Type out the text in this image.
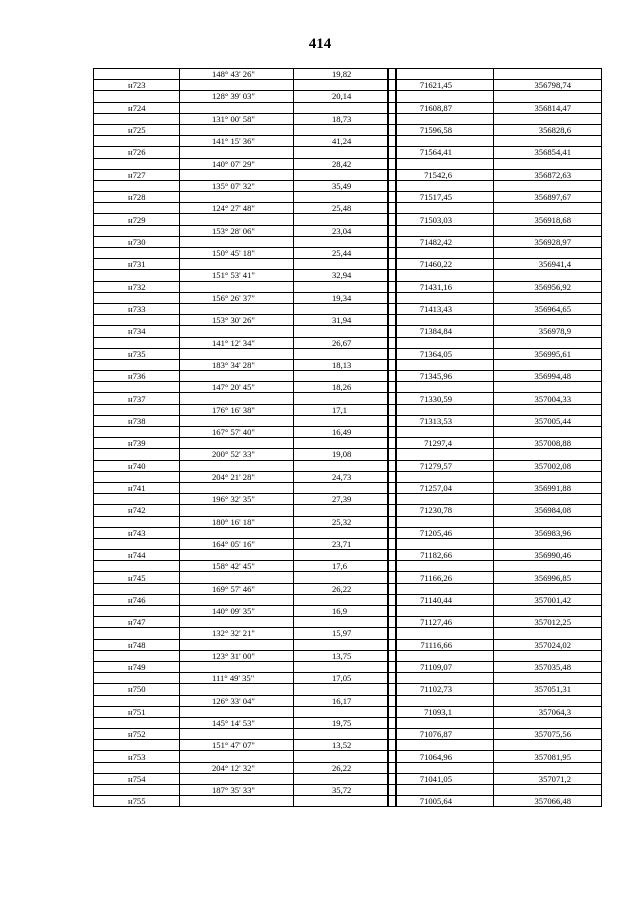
414
	148° 43' 26"	19,82			
н723				71621,45	356798,74
	128° 39' 03"	20,14			
н724				71608,87	356814,47
	131° 00' 58"	18,73			
н725				71596,58	356828,6
	141° 15' 36"	41,24			
н726				71564,41	356854,41
	140° 07' 29"	28,42			
н727				71542,6	356872,63
	135° 07' 32"	35,49			
н728				71517,45	356897,67
	124° 27' 48"	25,48			
н729				71503,03	356918,68
	153° 28' 06"	23,04			
н730				71482,42	356928,97
	150° 45' 18"	25,44			
н731				71460,22	356941,4
	151° 53' 41"	32,94			
н732				71431,16	356956,92
	156° 26' 37"	19,34			
н733				71413,43	356964,65
	153° 30' 26"	31,94			
н734				71384,84	356978,9
	141° 12' 34"	26,67			
н735				71364,05	356995,61
	183° 34' 28"	18,13			
н736				71345,96	356994,48
	147° 20' 45"	18,26			
н737				71330,59	357004,33
	176° 16' 38"	17,1			
н738				71313,53	357005,44
	167° 57' 40"	16,49			
н739				71297,4	357008,88
	200° 52' 33"	19,08			
н740				71279,57	357002,08
	204° 21' 28"	24,73			
н741				71257,04	356991,88
	196° 32' 35"	27,39			
н742				71230,78	356984,08
	180° 16' 18"	25,32			
н743				71205,46	356983,96
	164° 05' 16"	23,71			
н744				71182,66	356990,46
	158° 42' 45"	17,6			
н745				71166,26	356996,85
	169° 57' 46"	26,22			
н746				71140,44	357001,42
	140° 09' 35"	16,9			
н747				71127,46	357012,25
	132° 32' 21"	15,97			
н748				71116,66	357024,02
	123° 31' 00"	13,75			
н749				71109,07	357035,48
	111° 49' 35"	17,05			
н750				71102,73	357051,31
	126° 33' 04"	16,17			
н751				71093,1	357064,3
	145° 14' 53"	19,75			
н752				71076,87	357075,56
	151° 47' 07"	13,52			
н753				71064,96	357081,95
	204° 12' 32"	26,22			
н754				71041,05	357071,2
	187° 35' 33"	35,72			
н755				71005,64	357066,48
